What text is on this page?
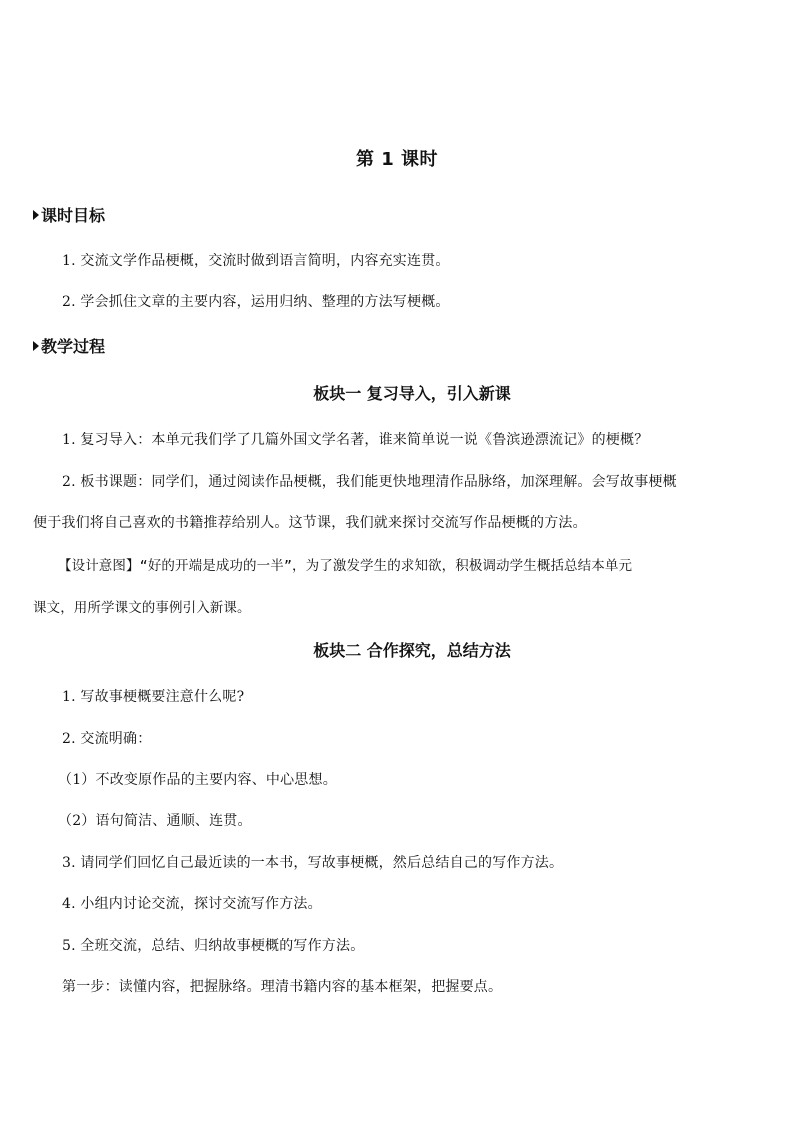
第 1 课时
课时目标
1. 交流文学作品梗概，交流时做到语言简明，内容充实连贯。
2. 学会抓住文章的主要内容，运用归纳、整理的方法写梗概。
教学过程
板块一 复习导入，引入新课
1. 复习导入：本单元我们学了几篇外国文学名著，谁来简单说一说《鲁滨逊漂流记》的梗概？
2. 板书课题：同学们，通过阅读作品梗概，我们能更快地理清作品脉络，加深理解。会写故事梗概
便于我们将自己喜欢的书籍推荐给别人。这节课，我们就来探讨交流写作品梗概的方法。
【设计意图】“好的开端是成功的一半”，为了激发学生的求知欲，积极调动学生概括总结本单元
课文，用所学课文的事例引入新课。
板块二 合作探究，总结方法
1. 写故事梗概要注意什么呢?
2. 交流明确：
（1）不改变原作品的主要内容、中心思想。
（2）语句简洁、通顺、连贯。
3. 请同学们回忆自己最近读的一本书，写故事梗概，然后总结自己的写作方法。
4. 小组内讨论交流，探讨交流写作方法。
5. 全班交流，总结、归纳故事梗概的写作方法。
第一步：读懂内容，把握脉络。理清书籍内容的基本框架，把握要点。
